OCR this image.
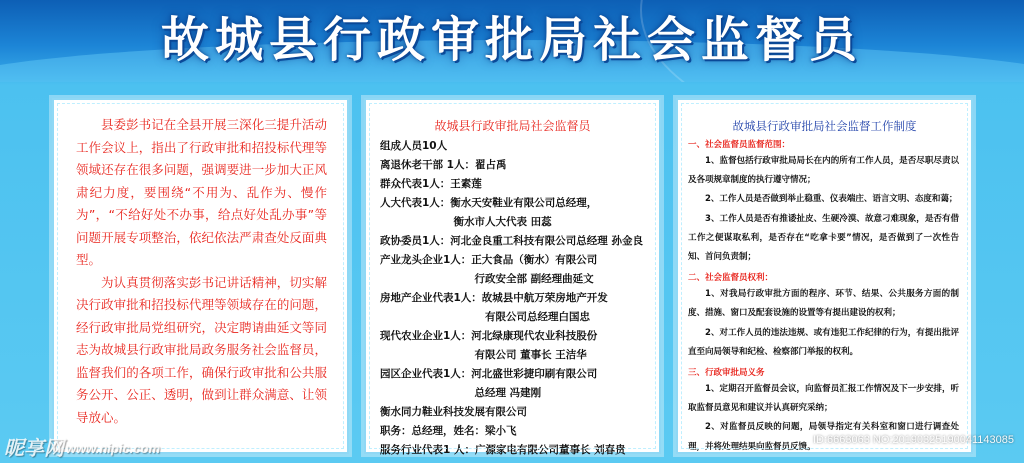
故城县行政审批局社会监督员

县委彭书记在全县开展三深化三提升活动工作会议上，指出了行政审批和招投标代理等领域还存在很多问题，强调要进一步加大正风肃纪力度，要围绕“不用为、乱作为、慢作为”，“不给好处不办事，给点好处乱办事”等问题开展专项整治，依纪依法严肃查处反面典型。

为认真贯彻落实彭书记讲话精神，切实解决行政审批和招投标代理等领域存在的问题，经行政审批局党组研究，决定聘请曲延文等同志为故城县行政审批局政务服务社会监督员，监督我们的各项工作，确保行政审批和公共服务公开、公正、透明，做到让群众满意、让领导放心。

故城县行政审批局社会监督员
组成人员10人
离退休老干部 1人：翟占禹
群众代表1人：王素莲
人大代表1人：衡水天安鞋业有限公司总经理，
　　　　　　　衡水市人大代表 田蕊
政协委员1人：河北金良重工科技有限公司总经理 孙金良
产业龙头企业1人：正大食品（衡水）有限公司
　　　　　　　　　行政安全部 副经理曲延文
房地产企业代表1人：故城县中航万荣房地产开发
　　　　　　　　　　有限公司总经理白国忠
现代农业企业1人：河北绿康现代农业科技股份
　　　　　　　　　有限公司 董事长 王洁华
园区企业代表1人：河北盛世彩捷印刷有限公司
　　　　　　　　　总经理 冯建刚
衡水同力鞋业科技发展有限公司
职务：总经理，姓名：梁小飞
服务行业代表1 人：广源家电有限公司董事长 刘春贵
故城县行政审批局社会监督工作制度
一、社会监督员监督范围：
1、监督包括行政审批局局长在内的所有工作人员，是否尽职尽责以及各项规章制度的执行遵守情况；
2、工作人员是否做到举止稳重、仪表端庄、语言文明、态度和蔼；
3、工作人员是否有推诿扯皮、生硬冷漠、故意刁难现象，是否有借工作之便谋取私利，是否存在“吃拿卡要”情况，是否做到了一次性告知、首问负责制；
二、社会监督员权利：
1、对我局行政审批方面的程序、环节、结果、公共服务方面的制度、措施、窗口及配套设施的设置等有提出建设的权利；
2、对工作人员的违法违规、或有违犯工作纪律的行为，有提出批评直至向局领导和纪检、检察部门举报的权利。
三、行政审批局义务
1、定期召开监督员会议，向监督员汇报工作情况及下一步安排，听取监督员意见和建议并认真研究采纳；
2、对监督员反映的问题，局领导指定有关科室和窗口进行调查处理，并将处理结果向监督员反馈。
昵享网 www.nipic.com
ID:6663063 NO:20190325190041143085
